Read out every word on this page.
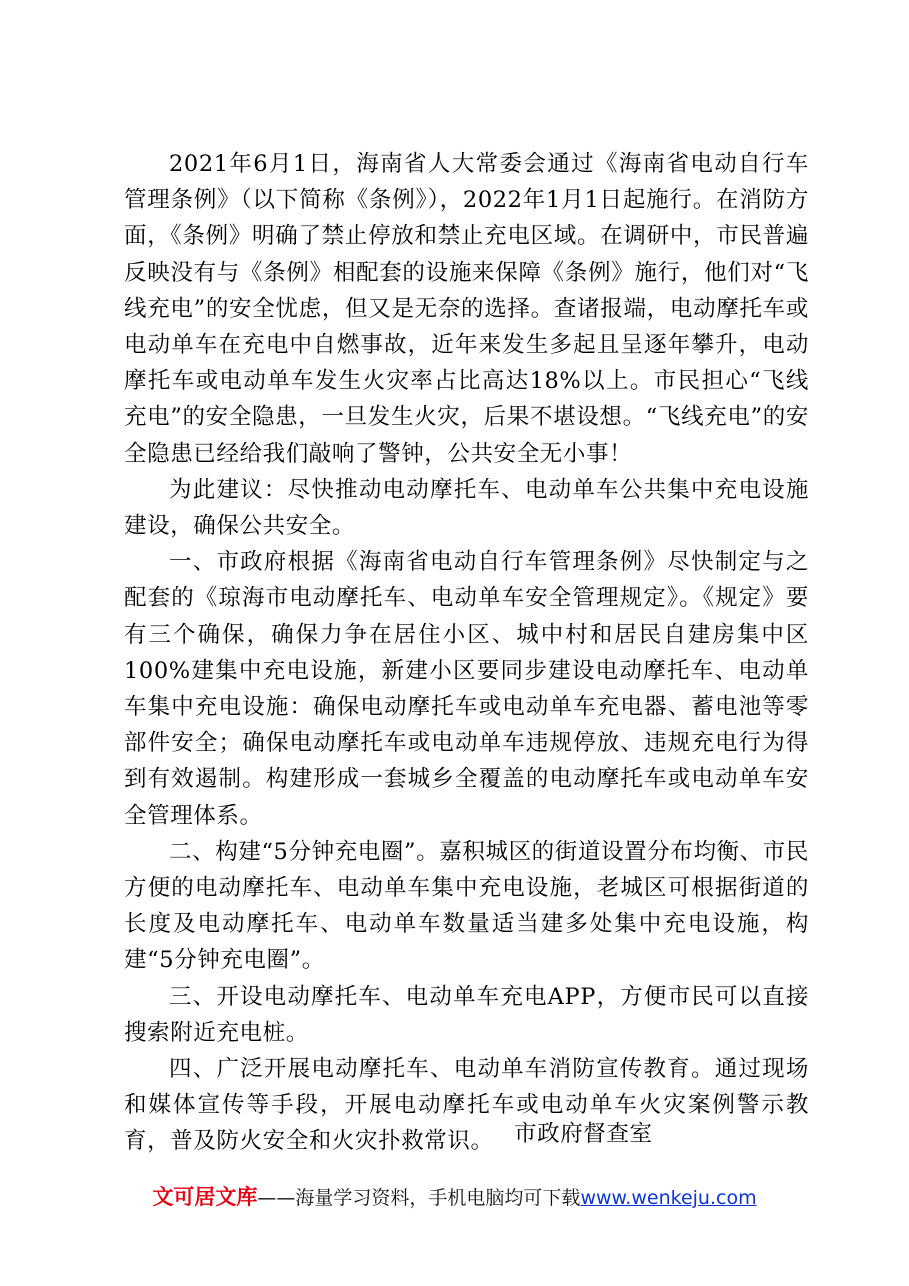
2021年6月1日，海南省人大常委会通过《海南省电动自行车管理条例》（以下简称《条例》），2022年1月1日起施行。在消防方面，《条例》明确了禁止停放和禁止充电区域。在调研中，市民普遍反映没有与《条例》相配套的设施来保障《条例》施行，他们对“飞线充电”的安全忧虑，但又是无奈的选择。查诸报端，电动摩托车或电动单车在充电中自燃事故，近年来发生多起且呈逐年攀升，电动摩托车或电动单车发生火灾率占比高达18%以上。市民担心“飞线充电”的安全隐患，一旦发生火灾，后果不堪设想。“飞线充电”的安全隐患已经给我们敲响了警钟，公共安全无小事！

为此建议：尽快推动电动摩托车、电动单车公共集中充电设施建设，确保公共安全。

一、市政府根据《海南省电动自行车管理条例》尽快制定与之配套的《琼海市电动摩托车、电动单车安全管理规定》。《规定》要有三个确保，确保力争在居住小区、城中村和居民自建房集中区100%建集中充电设施，新建小区要同步建设电动摩托车、电动单车集中充电设施：确保电动摩托车或电动单车充电器、蓄电池等零部件安全；确保电动摩托车或电动单车违规停放、违规充电行为得到有效遏制。构建形成一套城乡全覆盖的电动摩托车或电动单车安全管理体系。

二、构建“5分钟充电圈”。嘉积城区的街道设置分布均衡、市民方便的电动摩托车、电动单车集中充电设施，老城区可根据街道的长度及电动摩托车、电动单车数量适当建多处集中充电设施，构建“5分钟充电圈”。

三、开设电动摩托车、电动单车充电APP，方便市民可以直接搜索附近充电桩。

四、广泛开展电动摩托车、电动单车消防宣传教育。通过现场和媒体宣传等手段，开展电动摩托车或电动单车火灾案例警示教育，普及防火安全和火灾扑救常识。 市政府督查室
文可居文库——海量学习资料，手机电脑均可下载www.wenkeju.com
